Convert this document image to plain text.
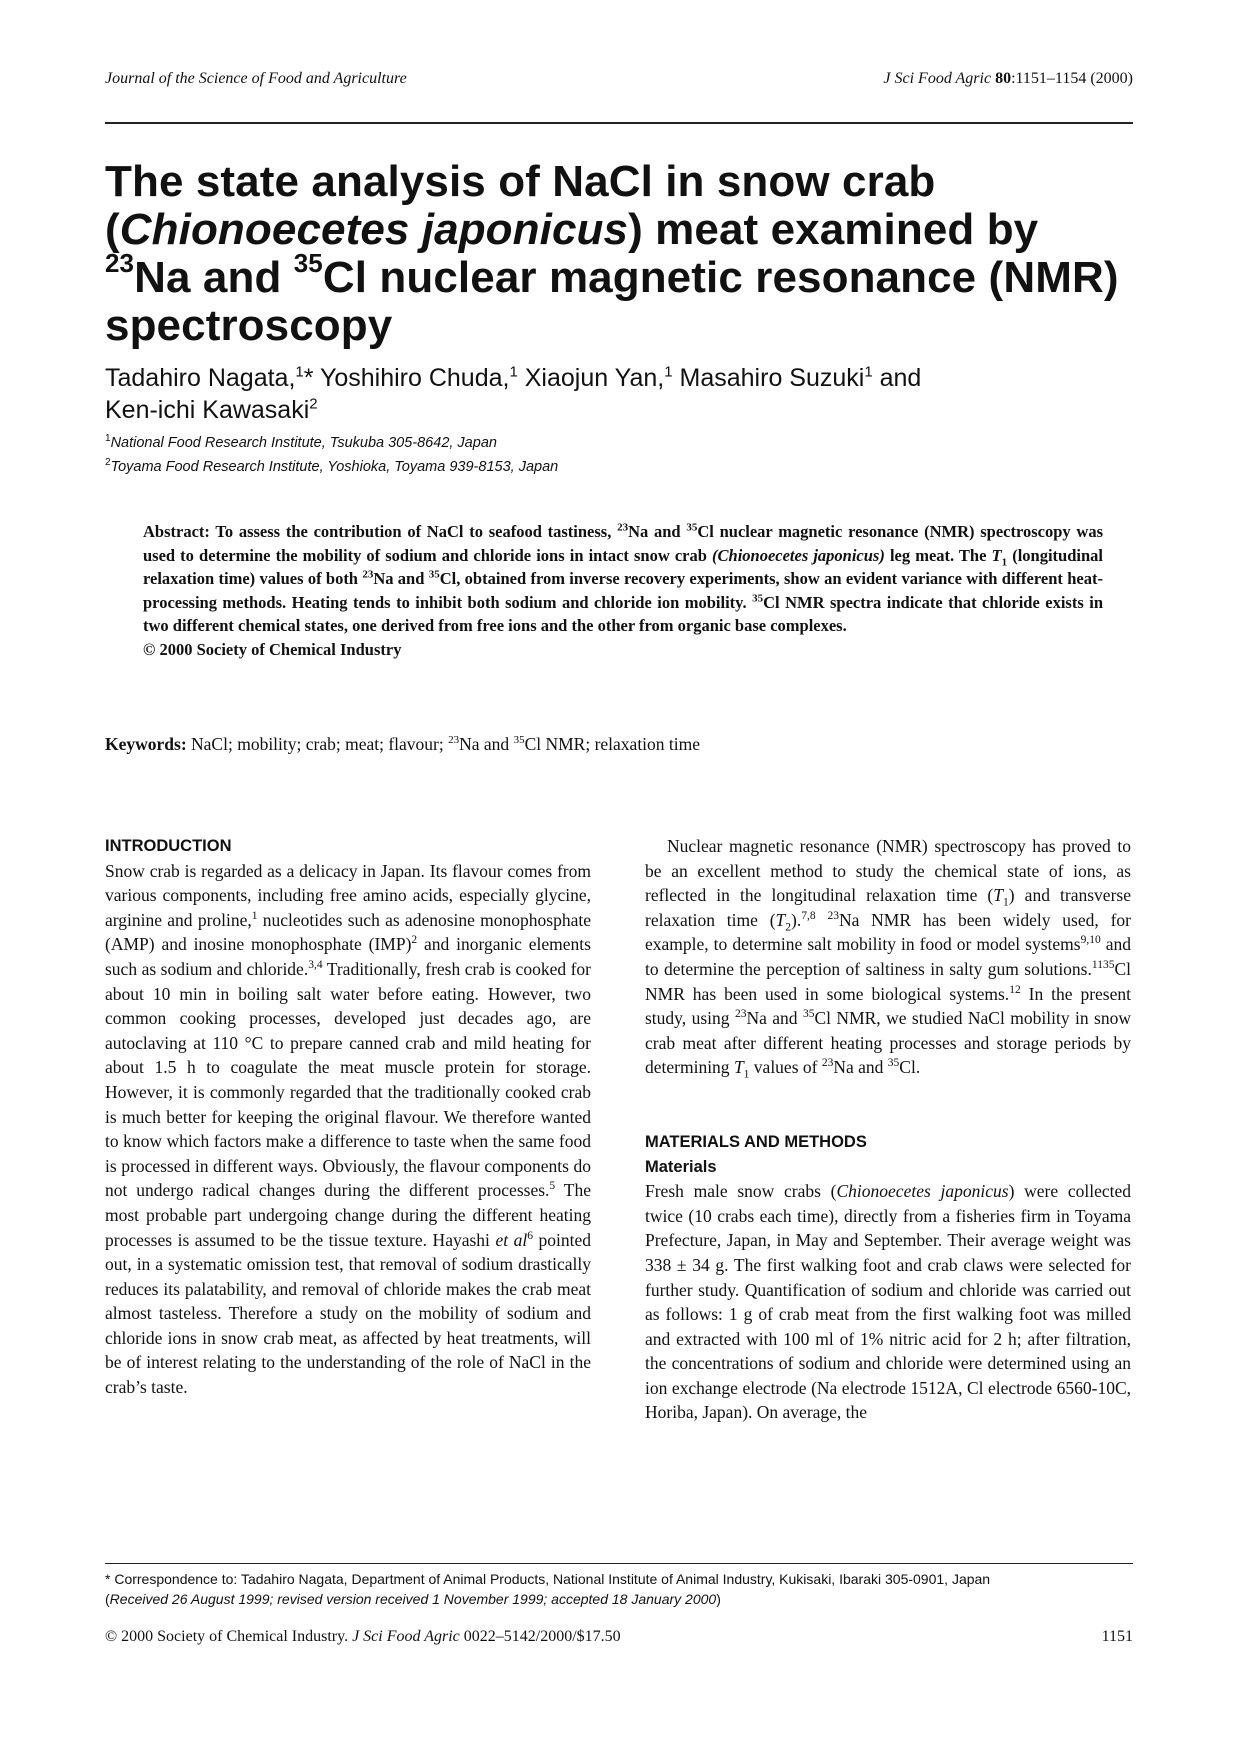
Journal of the Science of Food and Agriculture	J Sci Food Agric 80:1151–1154 (2000)
The state analysis of NaCl in snow crab (Chionoecetes japonicus) meat examined by $^{23}$Na and $^{35}$Cl nuclear magnetic resonance (NMR) spectroscopy
Tadahiro Nagata,$^1$* Yoshihiro Chuda,$^1$ Xiaojun Yan,$^1$ Masahiro Suzuki$^1$ and
Ken-ichi Kawasaki$^2$
$^1$National Food Research Institute, Tsukuba 305-8642, Japan
$^2$Toyama Food Research Institute, Yoshioka, Toyama 939-8153, Japan
Abstract: To assess the contribution of NaCl to seafood tastiness, $^{23}$Na and $^{35}$Cl nuclear magnetic resonance (NMR) spectroscopy was used to determine the mobility of sodium and chloride ions in intact snow crab (Chionoecetes japonicus) leg meat. The $T_1$ (longitudinal relaxation time) values of both $^{23}$Na and $^{35}$Cl, obtained from inverse recovery experiments, show an evident variance with different heat-processing methods. Heating tends to inhibit both sodium and chloride ion mobility. $^{35}$Cl NMR spectra indicate that chloride exists in two different chemical states, one derived from free ions and the other from organic base complexes.
© 2000 Society of Chemical Industry
Keywords: NaCl; mobility; crab; meat; flavour; $^{23}$Na and $^{35}$Cl NMR; relaxation time
INTRODUCTION

Snow crab is regarded as a delicacy in Japan. Its flavour comes from various components, including free amino acids, especially glycine, arginine and proline,$^1$ nucleotides such as adenosine monophosphate (AMP) and inosine monophosphate (IMP)$^2$ and inorganic elements such as sodium and chloride.$^{3,4}$ Traditionally, fresh crab is cooked for about 10 min in boiling salt water before eating. However, two common cooking processes, developed just decades ago, are autoclaving at 110 °C to prepare canned crab and mild heating for about 1.5 h to coagulate the meat muscle protein for storage. However, it is commonly regarded that the traditionally cooked crab is much better for keeping the original flavour. We therefore wanted to know which factors make a difference to taste when the same food is processed in different ways. Obviously, the flavour components do not undergo radical changes during the different processes.$^5$ The most probable part undergoing change during the different heating processes is assumed to be the tissue texture. Hayashi et $al^6$ pointed out, in a systematic omission test, that removal of sodium drastically reduces its palatability, and removal of chloride makes the crab meat almost tasteless. Therefore a study on the mobility of sodium and chloride ions in snow crab meat, as affected by heat treatments, will be of interest relating to the understanding of the role of NaCl in the crab’s taste.

Nuclear magnetic resonance (NMR) spectroscopy has proved to be an excellent method to study the chemical state of ions, as reflected in the longitudinal relaxation time $(T_1)$ and transverse relaxation time $(T_2).^{7,8}$ $^{23}$Na NMR has been widely used, for example, to determine salt mobility in food or model systems$^{9,10}$ and to determine the perception of saltiness in salty gum solutions.$^{1135}$Cl NMR has been used in some biological systems.$^{12}$ In the present study, using $^{23}$Na and $^{35}$Cl NMR, we studied NaCl mobility in snow crab meat after different heating processes and storage periods by determining $T_1$ values of $^{23}$Na and $^{35}$Cl.

MATERIALS AND METHODS
Materials

Fresh male snow crabs (Chionoecetes japonicus) were collected twice (10 crabs each time), directly from a fisheries firm in Toyama Prefecture, Japan, in May and September. Their average weight was 338 ± 34 g. The first walking foot and crab claws were selected for further study. Quantification of sodium and chloride was carried out as follows: 1 g of crab meat from the first walking foot was milled and extracted with 100 ml of 1% nitric acid for 2 h; after filtration, the concentrations of sodium and chloride were determined using an ion exchange electrode (Na electrode 1512A, Cl electrode 6560-10C, Horiba, Japan). On average, the

* Correspondence to: Tadahiro Nagata, Department of Animal Products, National Institute of Animal Industry, Kukisaki, Ibaraki 305-0901, Japan
(Received 26 August 1999; revised version received 1 November 1999; accepted 18 January 2000)
© 2000 Society of Chemical Industry. J Sci Food Agric 0022–5142/2000/$17.50	1151
